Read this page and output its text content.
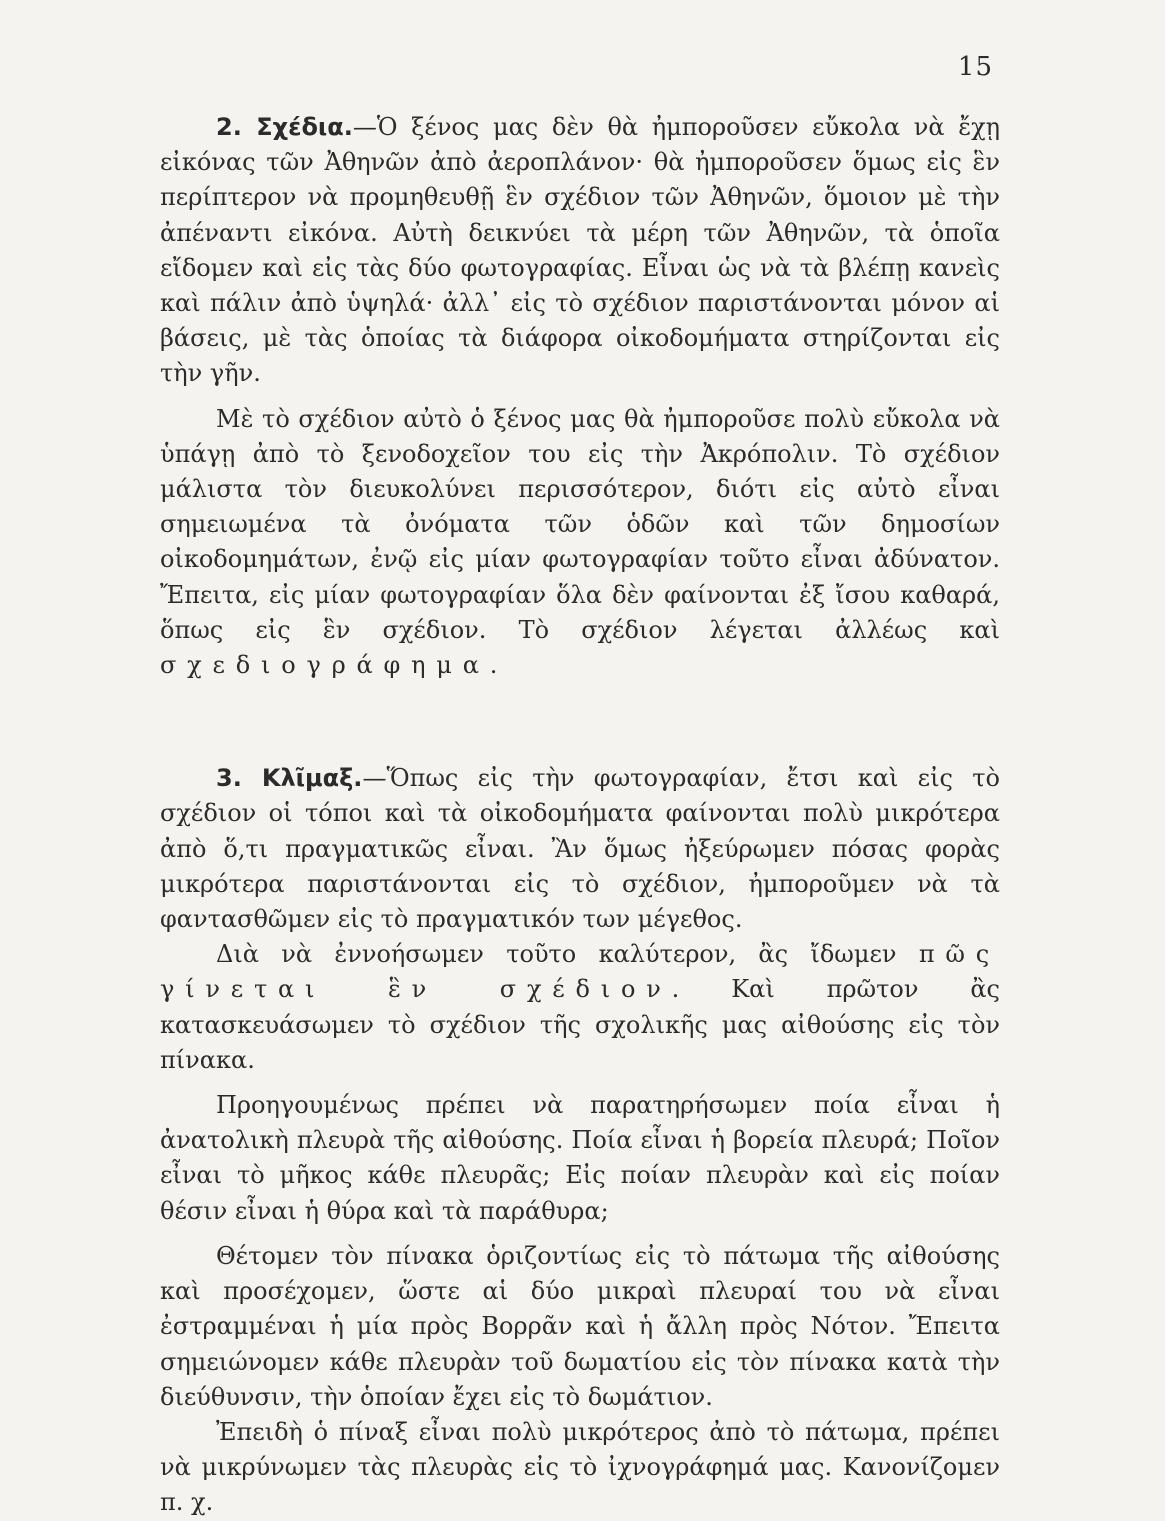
15

2. Σχέδια.—Ὁ ξένος μας δὲν θὰ ἠμποροῦσεν εὔκολα νὰ ἔχῃ εἰκόνας τῶν Ἀθηνῶν ἀπὸ ἀεροπλάνον· θὰ ἠμποροῦσεν ὅμως εἰς ἓν περίπτερον νὰ προμηθευθῇ ἓν σχέδιον τῶν Ἀθηνῶν, ὅμοιον μὲ τὴν ἀπέναντι εἰκόνα. Αὐτὴ δεικνύει τὰ μέρη τῶν Ἀθηνῶν, τὰ ὁποῖα εἴδομεν καὶ εἰς τὰς δύο φωτογραφίας. Εἶναι ὡς νὰ τὰ βλέπῃ κανεὶς καὶ πάλιν ἀπὸ ὑψηλά· ἀλλ᾿ εἰς τὸ σχέδιον παριστάνονται μόνον αἱ βάσεις, μὲ τὰς ὁποίας τὰ διάφορα οἰκοδομήματα στηρίζονται εἰς τὴν γῆν.

Μὲ τὸ σχέδιον αὐτὸ ὁ ξένος μας θὰ ἠμποροῦσε πολὺ εὔκολα νὰ ὑπάγῃ ἀπὸ τὸ ξενοδοχεῖον του εἰς τὴν Ἀκρόπολιν. Τὸ σχέδιον μάλιστα τὸν διευκολύνει περισσότερον, διότι εἰς αὐτὸ εἶναι σημειωμένα τὰ ὀνόματα τῶν ὁδῶν καὶ τῶν δημοσίων οἰκοδομημάτων, ἐνῷ εἰς μίαν φωτογραφίαν τοῦτο εἶναι ἀδύνατον. Ἔπειτα, εἰς μίαν φωτογραφίαν ὅλα δὲν φαίνονται ἐξ ἴσου καθαρά, ὅπως εἰς ἓν σχέδιον. Τὸ σχέδιον λέγεται ἀλλέως καὶ σχεδιογράφημα.

3. Κλῖμαξ.—Ὅπως εἰς τὴν φωτογραφίαν, ἔτσι καὶ εἰς τὸ σχέδιον οἱ τόποι καὶ τὰ οἰκοδομήματα φαίνονται πολὺ μικρότερα ἀπὸ ὅ,τι πραγματικῶς εἶναι. Ἂν ὅμως ἠξεύρωμεν πόσας φορὰς μικρότερα παριστάνονται εἰς τὸ σχέδιον, ἠμποροῦμεν νὰ τὰ φαντασθῶμεν εἰς τὸ πραγματικόν των μέγεθος.

Διὰ νὰ ἐννοήσωμεν τοῦτο καλύτερον, ἂς ἴδωμεν πῶς γίνεται ἓν σχέδιον. Καὶ πρῶτον ἂς κατασκευάσωμεν τὸ σχέδιον τῆς σχολικῆς μας αἰθούσης εἰς τὸν πίνακα.

Προηγουμένως πρέπει νὰ παρατηρήσωμεν ποία εἶναι ἡ ἀνατολικὴ πλευρὰ τῆς αἰθούσης. Ποία εἶναι ἡ βορεία πλευρά; Ποῖον εἶναι τὸ μῆκος κάθε πλευρᾶς; Εἰς ποίαν πλευρὰν καὶ εἰς ποίαν θέσιν εἶναι ἡ θύρα καὶ τὰ παράθυρα;

Θέτομεν τὸν πίνακα ὁριζοντίως εἰς τὸ πάτωμα τῆς αἰθούσης καὶ προσέχομεν, ὥστε αἱ δύο μικραὶ πλευραί του νὰ εἶναι ἐστραμμέναι ἡ μία πρὸς Βορρᾶν καὶ ἡ ἄλλη πρὸς Νότον. Ἔπειτα σημειώνομεν κάθε πλευρὰν τοῦ δωματίου εἰς τὸν πίνακα κατὰ τὴν διεύθυνσιν, τὴν ὁποίαν ἔχει εἰς τὸ δωμάτιον.

Ἐπειδὴ ὁ πίναξ εἶναι πολὺ μικρότερος ἀπὸ τὸ πάτωμα, πρέπει νὰ μικρύνωμεν τὰς πλευρὰς εἰς τὸ ἰχνογράφημά μας. Κανονίζομεν π. χ.
